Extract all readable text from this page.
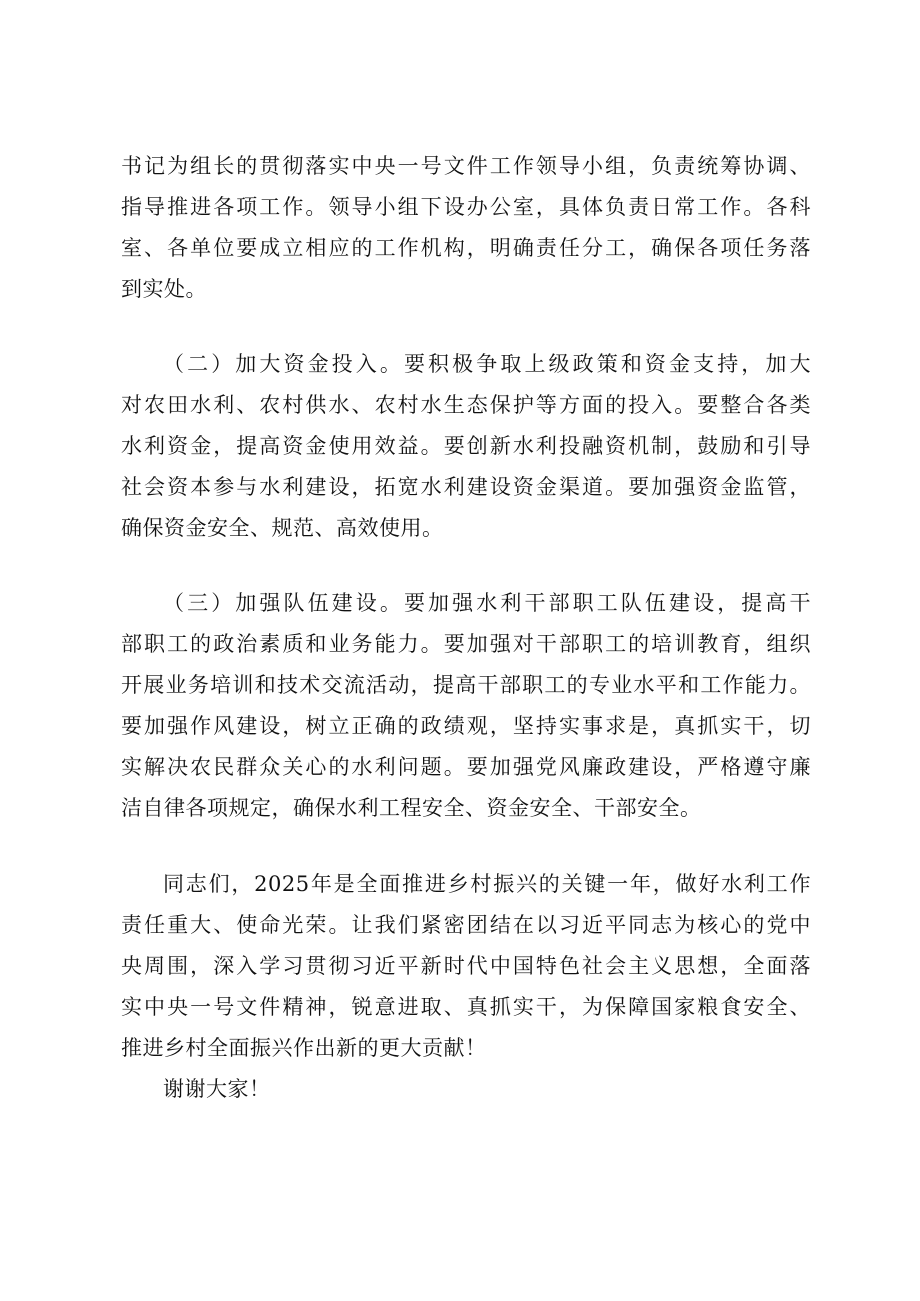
书记为组长的贯彻落实中央一号文件工作领导小组，负责统筹协调、

指导推进各项工作。领导小组下设办公室，具体负责日常工作。各科

室、各单位要成立相应的工作机构，明确责任分工，确保各项任务落

到实处。

（二）加大资金投入。要积极争取上级政策和资金支持，加大

对农田水利、农村供水、农村水生态保护等方面的投入。要整合各类

水利资金，提高资金使用效益。要创新水利投融资机制，鼓励和引导

社会资本参与水利建设，拓宽水利建设资金渠道。要加强资金监管，

确保资金安全、规范、高效使用。

（三）加强队伍建设。要加强水利干部职工队伍建设，提高干

部职工的政治素质和业务能力。要加强对干部职工的培训教育，组织

开展业务培训和技术交流活动，提高干部职工的专业水平和工作能力。

要加强作风建设，树立正确的政绩观，坚持实事求是，真抓实干，切

实解决农民群众关心的水利问题。要加强党风廉政建设，严格遵守廉

洁自律各项规定，确保水利工程安全、资金安全、干部安全。

同志们，2025年是全面推进乡村振兴的关键一年，做好水利工作

责任重大、使命光荣。让我们紧密团结在以习近平同志为核心的党中

央周围，深入学习贯彻习近平新时代中国特色社会主义思想，全面落

实中央一号文件精神，锐意进取、真抓实干，为保障国家粮食安全、

推进乡村全面振兴作出新的更大贡献！

谢谢大家！
